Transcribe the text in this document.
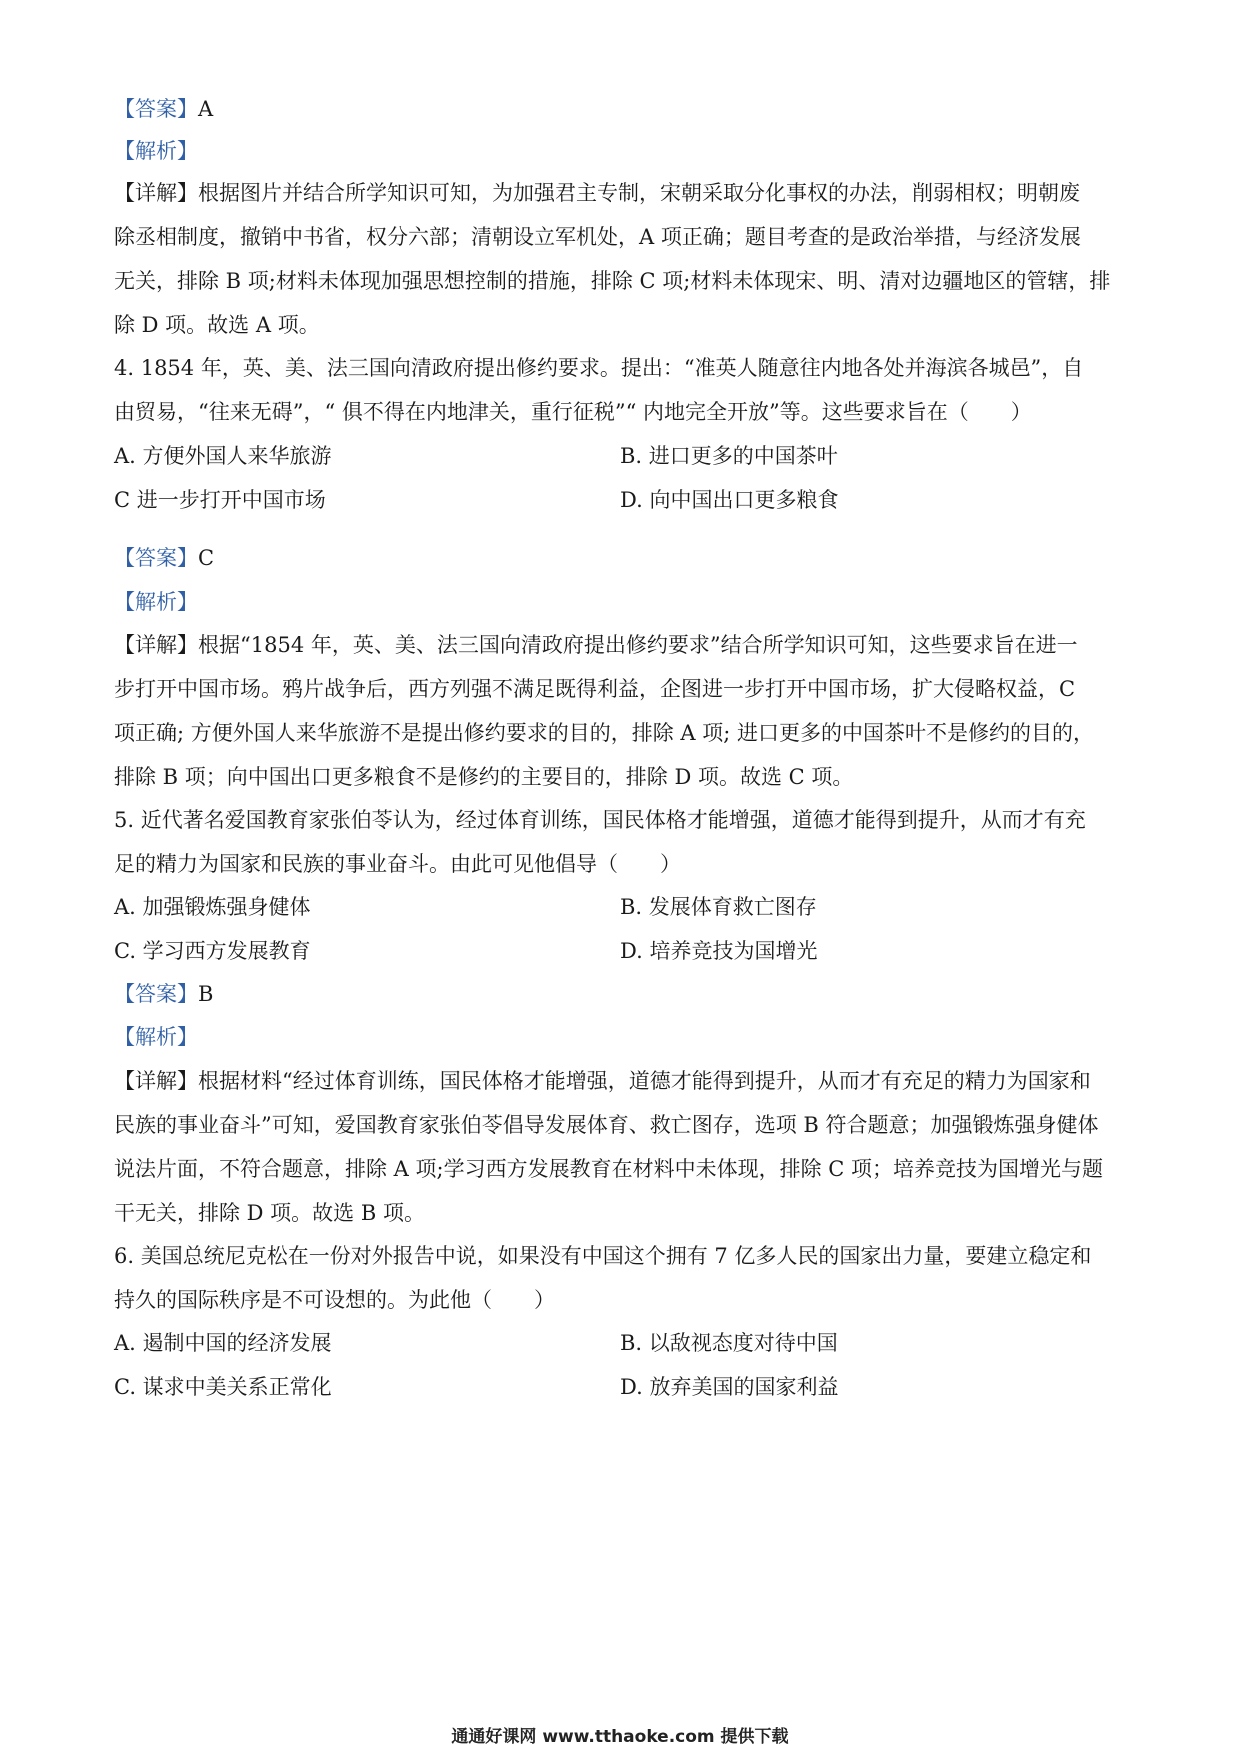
【答案】A
【解析】
【详解】根据图片并结合所学知识可知，为加强君主专制，宋朝采取分化事权的办法，削弱相权；明朝废
除丞相制度，撤销中书省，权分六部；清朝设立军机处，A 项正确；题目考查的是政治举措，与经济发展
无关，排除 B 项;材料未体现加强思想控制的措施，排除 C 项;材料未体现宋、明、清对边疆地区的管辖，排
除 D 项。故选 A 项。
4. 1854 年，英、美、法三国向清政府提出修约要求。提出：“准英人随意往内地各处并海滨各城邑”，自
由贸易，“往来无碍”，“ 俱不得在内地津关，重行征税”“ 内地完全开放”等。这些要求旨在（　　）
A. 方便外国人来华旅游	B. 进口更多的中国茶叶
C 进一步打开中国市场	D. 向中国出口更多粮食
【答案】C
【解析】
【详解】根据“1854 年，英、美、法三国向清政府提出修约要求”结合所学知识可知，这些要求旨在进一
步打开中国市场。鸦片战争后，西方列强不满足既得利益，企图进一步打开中国市场，扩大侵略权益，C
项正确; 方便外国人来华旅游不是提出修约要求的目的，排除 A 项; 进口更多的中国茶叶不是修约的目的，
排除 B 项；向中国出口更多粮食不是修约的主要目的，排除 D 项。故选 C 项。
5. 近代著名爱国教育家张伯苓认为，经过体育训练，国民体格才能增强，道德才能得到提升，从而才有充
足的精力为国家和民族的事业奋斗。由此可见他倡导（　　）
A. 加强锻炼强身健体	B. 发展体育救亡图存
C. 学习西方发展教育	D. 培养竞技为国增光
【答案】B
【解析】
【详解】根据材料“经过体育训练，国民体格才能增强，道德才能得到提升，从而才有充足的精力为国家和
民族的事业奋斗”可知，爱国教育家张伯苓倡导发展体育、救亡图存，选项 B 符合题意；加强锻炼强身健体
说法片面，不符合题意，排除 A 项;学习西方发展教育在材料中未体现，排除 C 项；培养竞技为国增光与题
干无关，排除 D 项。故选 B 项。
6. 美国总统尼克松在一份对外报告中说，如果没有中国这个拥有 7 亿多人民的国家出力量，要建立稳定和
持久的国际秩序是不可设想的。为此他（　　）
A. 遏制中国的经济发展	B. 以敌视态度对待中国
C. 谋求中美关系正常化	D. 放弃美国的国家利益
通通好课网 www.tthaoke.com 提供下载
